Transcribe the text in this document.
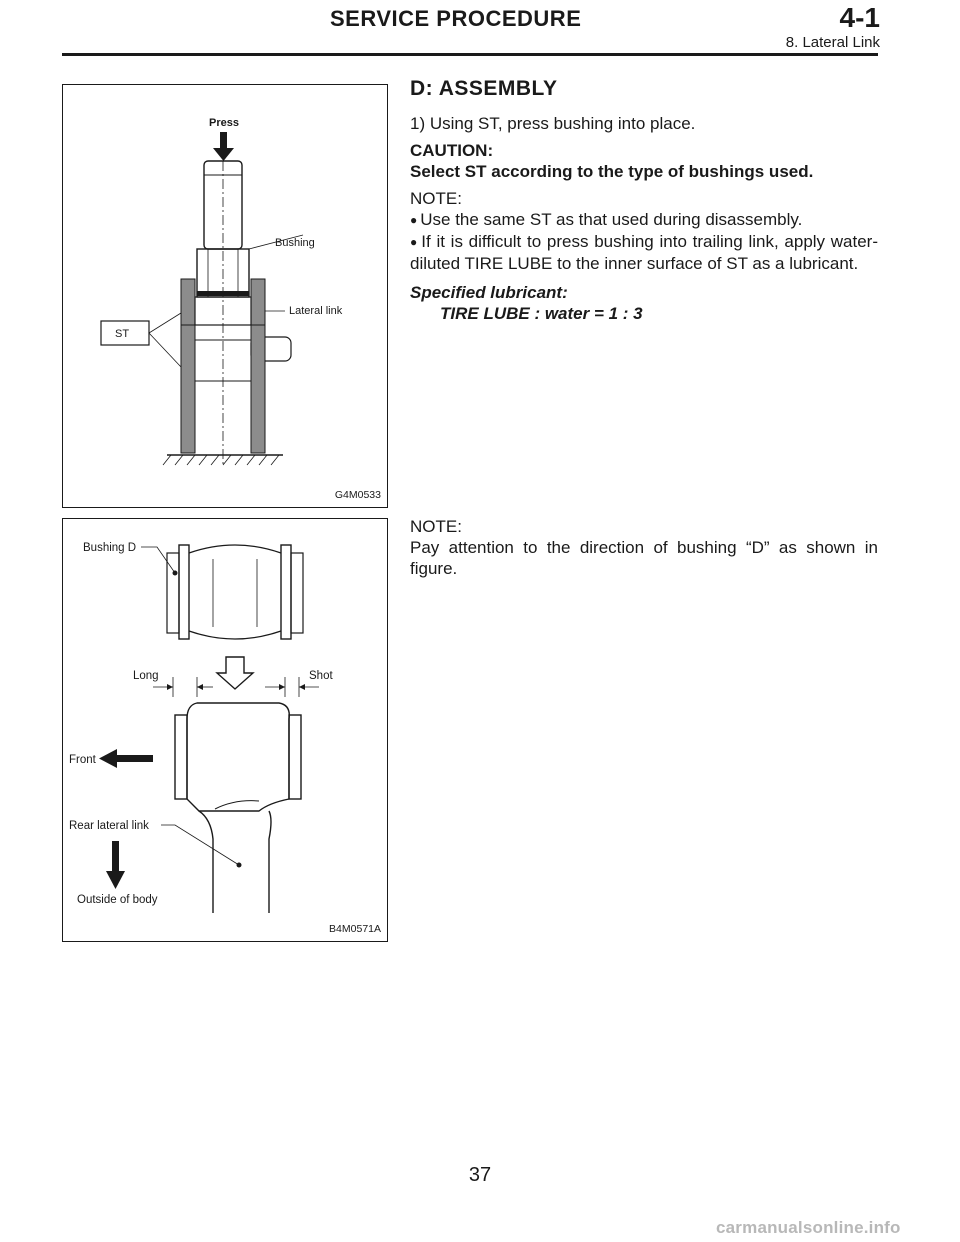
SERVICE PROCEDURE	4-1
8. Lateral Link
Press
Bushing
Lateral link
ST
G4M0533
Bushing D
Long	Shot
Front
Rear lateral link
Outside of body
B4M0571A

D: ASSEMBLY

1) Using ST, press bushing into place.

CAUTION:

Select ST according to the type of bushings used.

NOTE:

● Use the same ST as that used during disassembly.

● If it is difficult to press bushing into trailing link, apply water-diluted TIRE LUBE to the inner surface of ST as a lubricant.

Specified lubricant:

TIRE LUBE : water = 1 : 3

NOTE:

Pay attention to the direction of bushing “D” as shown in figure.

37
carmanualsonline.info
